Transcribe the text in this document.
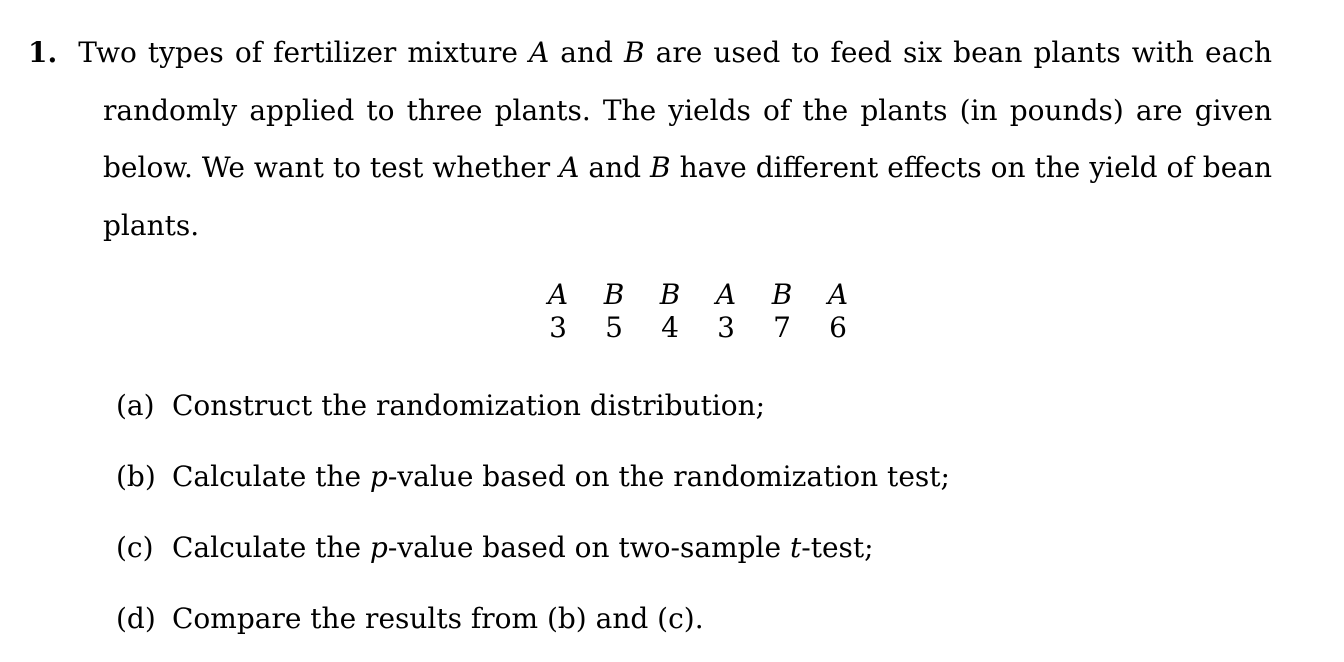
1. Two types of fertilizer mixture A and B are used to feed six bean plants with each
randomly applied to three plants. The yields of the plants (in pounds) are given
below. We want to test whether A and B have different effects on the yield of bean
plants.
A	B	B	A	B	A
3	5	4	3	7	6
(a) Construct the randomization distribution;
(b) Calculate the p-value based on the randomization test;
(c) Calculate the p-value based on two-sample t-test;
(d) Compare the results from (b) and (c).
